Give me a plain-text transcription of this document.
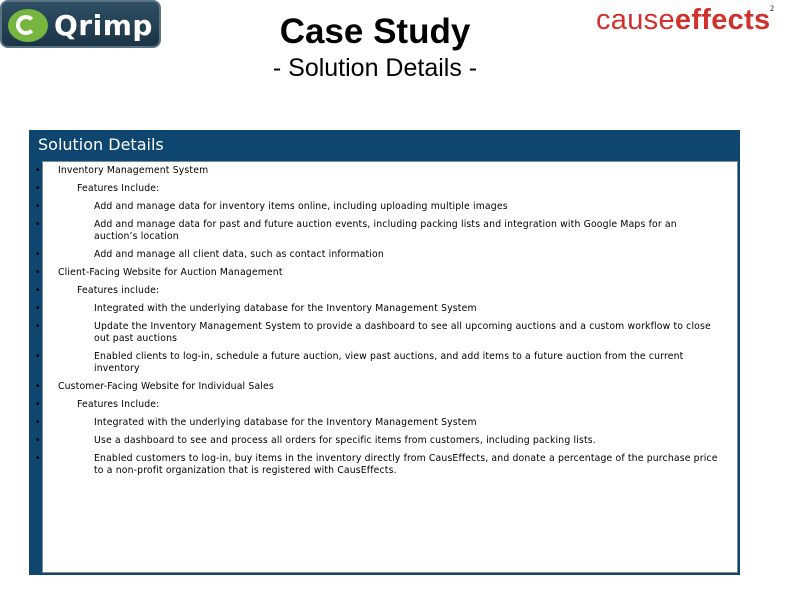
Qrimp	Case Study
- Solution Details -
causeeffects 2
Solution Details
• Inventory Management System
• Features Include:
• Add and manage data for inventory items online, including uploading multiple images
• Add and manage data for past and future auction events, including packing lists and integration with Google Maps for an auction’s location
• Add and manage all client data, such as contact information
• Client-Facing Website for Auction Management
• Features include:
• Integrated with the underlying database for the Inventory Management System
• Update the Inventory Management System to provide a dashboard to see all upcoming auctions and a custom workflow to close out past auctions
• Enabled clients to log-in, schedule a future auction, view past auctions, and add items to a future auction from the current inventory
• Customer-Facing Website for Individual Sales
• Features Include:
• Integrated with the underlying database for the Inventory Management System
• Use a dashboard to see and process all orders for specific items from customers, including packing lists.
• Enabled customers to log-in, buy items in the inventory directly from CausEffects, and donate a percentage of the purchase price to a non-profit organization that is registered with CausEffects.
